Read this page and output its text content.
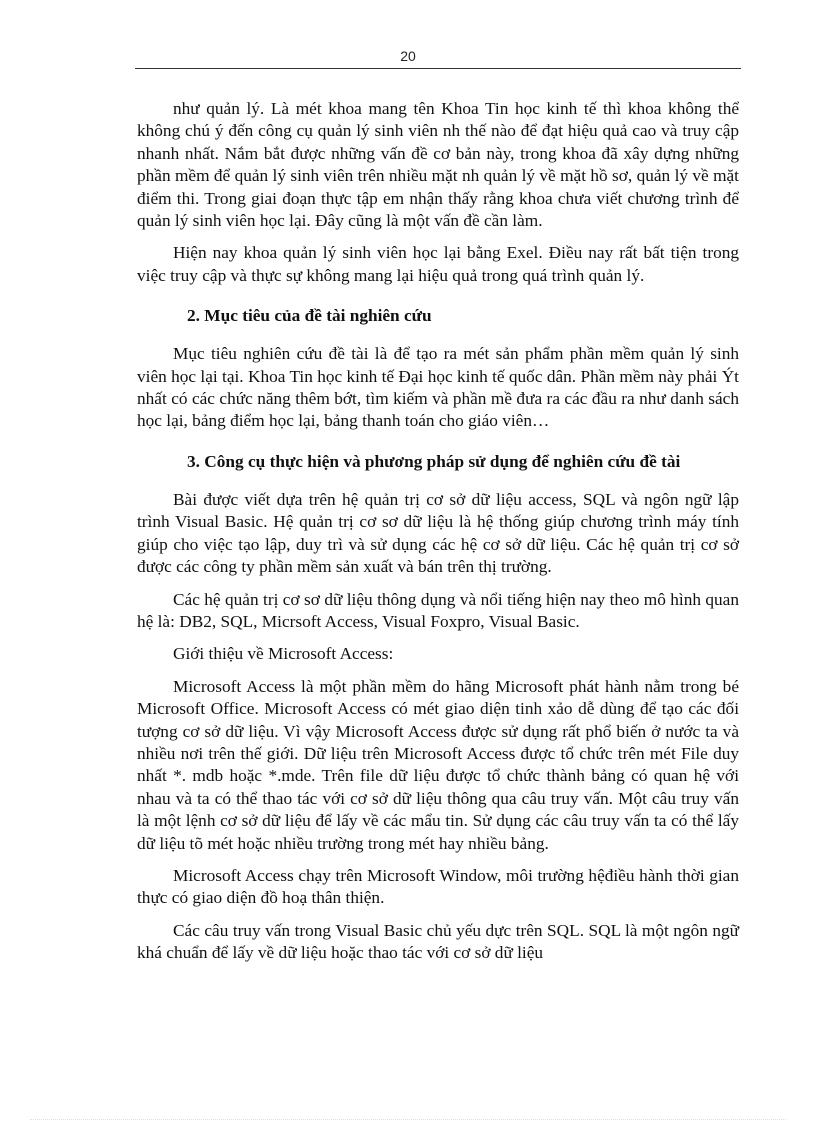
20

như quản lý. Là mét khoa mang tên Khoa Tin học kinh tế thì khoa không thể không chú ý đến công cụ quản lý sinh viên nh thế nào để đạt hiệu quả cao và truy cập nhanh nhất. Nắm bắt được những vấn đề cơ bản này, trong khoa đã xây dựng những phần mềm để quản lý sinh viên trên nhiều mặt nh quản lý về mặt hồ sơ, quản lý về mặt điểm thi. Trong giai đoạn thực tập em nhận thấy rằng khoa chưa viết chương trình để quản lý sinh viên học lại. Đây cũng là một vấn đề cần làm.

Hiện nay khoa quản lý sinh viên học lại bằng Exel. Điều nay rất bất tiện trong việc truy cập và thực sự không mang lại hiệu quả trong quá trình quản lý.

2. Mục tiêu của đề tài nghiên cứu

Mục tiêu nghiên cứu đề tài là để tạo ra mét sản phẩm phần mềm quản lý sinh viên học lại tại. Khoa Tin học kinh tế Đại học kinh tế quốc dân. Phần mềm này phải Ýt nhất có các chức năng thêm bớt, tìm kiếm và phần mề đưa ra các đầu ra như danh sách học lại, bảng điểm học lại, bảng thanh toán cho giáo viên…

3. Công cụ thực hiện và phương pháp sử dụng để nghiên cứu đề tài

Bài được viết dựa trên hệ quản trị cơ sở dữ liệu access, SQL và ngôn ngữ lập trình Visual Basic. Hệ quản trị cơ sơ dữ liệu là hệ thống giúp chương trình máy tính giúp cho việc tạo lập, duy trì và sử dụng các hệ cơ sở dữ liệu. Các hệ quản trị cơ sở được các công ty phần mềm sản xuất và bán trên thị trường.

Các hệ quản trị cơ sơ dữ liệu thông dụng và nổi tiếng hiện nay theo mô hình quan hệ là: DB2, SQL, Micrsoft Access, Visual Foxpro, Visual Basic.

Giới thiệu về Microsoft Access:

Microsoft Access là một phần mềm do hãng Microsoft phát hành nằm trong bé Microsoft Office. Microsoft Access có mét giao diện tinh xảo dễ dùng để tạo các đối tượng cơ sở dữ liệu. Vì vậy Microsoft Access được sử dụng rất phổ biến ở nước ta và nhiều nơi trên thế giới. Dữ liệu trên Microsoft Access được tổ chức trên mét File duy nhất *. mdb hoặc *.mde. Trên file dữ liệu được tổ chức thành bảng có quan hệ với nhau và ta có thể thao tác với cơ sở dữ liệu thông qua câu truy vấn. Một câu truy vấn là một lệnh cơ sở dữ liệu để lấy về các mẩu tin. Sử dụng các câu truy vấn ta có thể lấy dữ liệu tõ mét hoặc nhiều trường trong mét hay nhiều bảng.

Microsoft Access chạy trên Microsoft Window, môi trường hệđiều hành thời gian thực có giao diện đồ hoạ thân thiện.

Các câu truy vấn trong Visual Basic chủ yếu dực trên SQL. SQL là một ngôn ngữ khá chuẩn để lấy về dữ liệu hoặc thao tác với cơ sở dữ liệu
